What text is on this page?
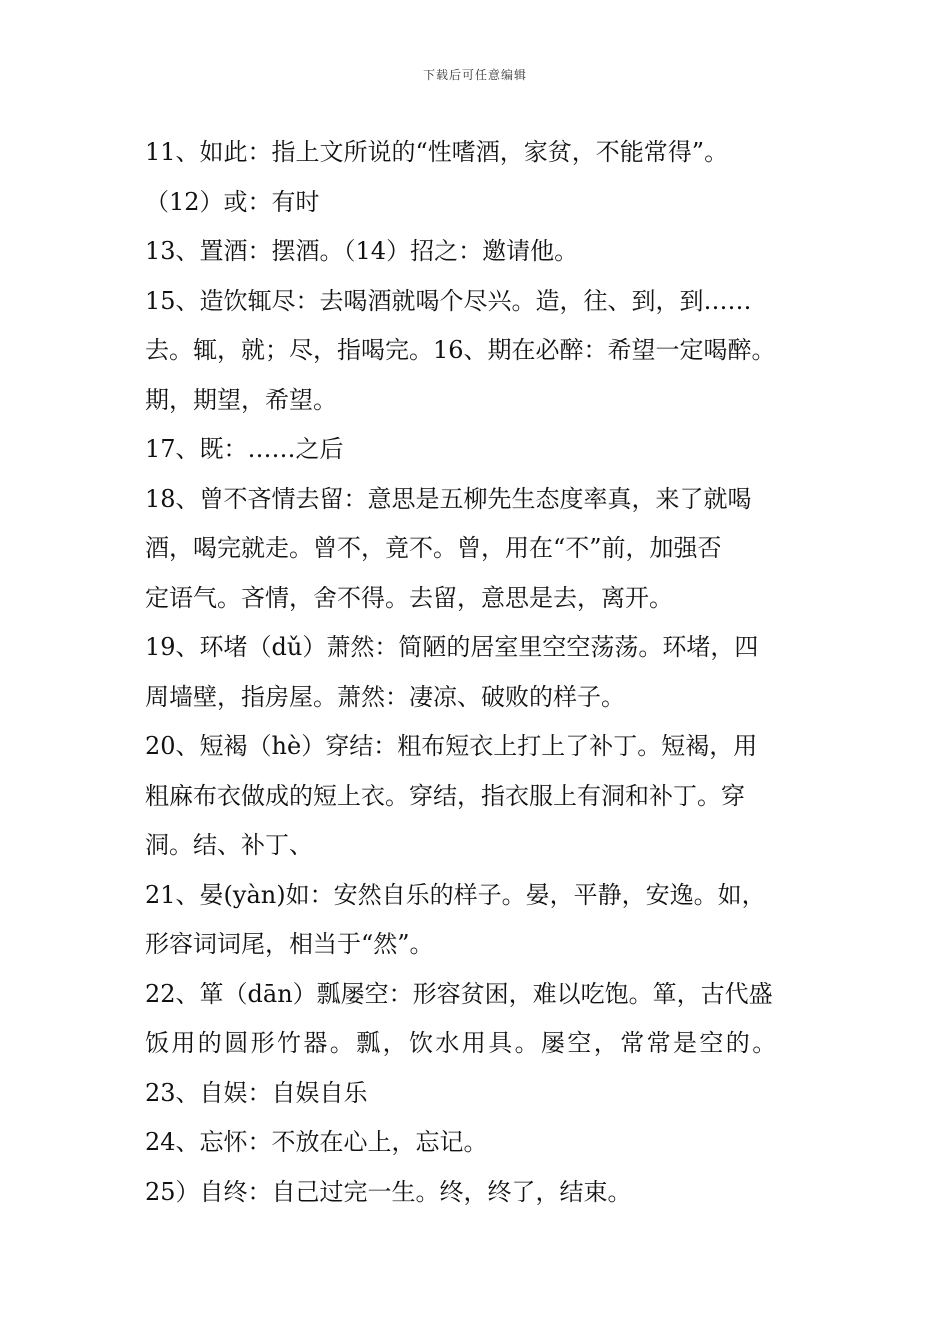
下载后可任意编辑
11、如此：指上文所说的“性嗜酒，家贫，不能常得”。
（12）或：有时
13、置酒：摆酒。（14）招之：邀请他。
15、造饮辄尽：去喝酒就喝个尽兴。造，往、到，到……
去。辄，就；尽，指喝完。16、期在必醉：希望一定喝醉。
期，期望，希望。
17、既：……之后
18、曾不吝情去留：意思是五柳先生态度率真，来了就喝
酒，喝完就走。曾不，竟不。曾，用在“不”前，加强否
定语气。吝情，舍不得。去留，意思是去，离开。
19、环堵（dǔ）萧然：简陋的居室里空空荡荡。环堵，四
周墙壁，指房屋。萧然：凄凉、破败的样子。
20、短褐（hè）穿结：粗布短衣上打上了补丁。短褐，用
粗麻布衣做成的短上衣。穿结，指衣服上有洞和补丁。穿
洞。结、补丁、
21、晏(yàn)如：安然自乐的样子。晏，平静，安逸。如，
形容词词尾，相当于“然”。
22、箪（dān）瓢屡空：形容贫困，难以吃饱。箪，古代盛
饭用的圆形竹器。瓢，饮水用具。屡空，常常是空的。
23、自娱：自娱自乐
24、忘怀：不放在心上，忘记。
25）自终：自己过完一生。终，终了，结束。
